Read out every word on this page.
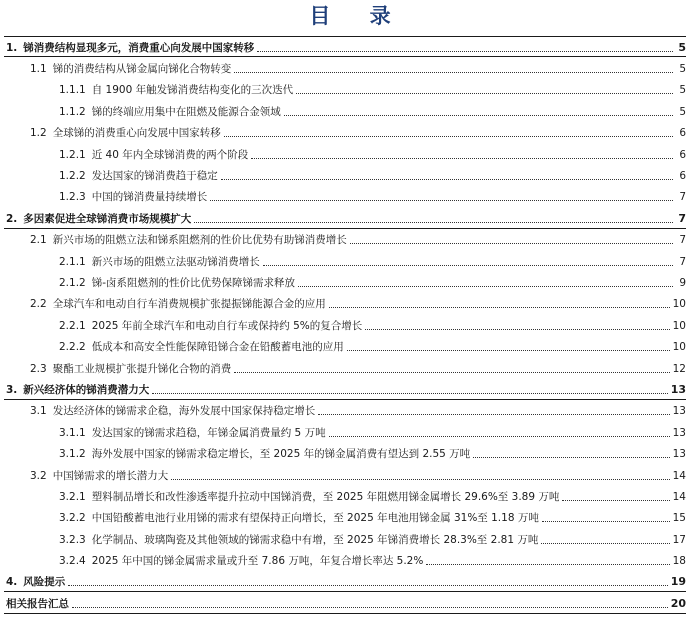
目 录
1. 锑消费结构显现多元，消费重心向发展中国家转移	5
1.1 锑的消费结构从锑金属向锑化合物转变	5
1.1.1 自 1900 年触发锑消费结构变化的三次迭代	5
1.1.2 锑的终端应用集中在阻燃及能源合金领域	5
1.2 全球锑的消费重心向发展中国家转移	6
1.2.1 近 40 年内全球锑消费的两个阶段	6
1.2.2 发达国家的锑消费趋于稳定	6
1.2.3 中国的锑消费量持续增长	7
2. 多因素促进全球锑消费市场规模扩大	7
2.1 新兴市场的阻燃立法和锑系阻燃剂的性价比优势有助锑消费增长	7
2.1.1 新兴市场的阻燃立法驱动锑消费增长	7
2.1.2 锑-卤系阻燃剂的性价比优势保障锑需求释放	9
2.2 全球汽车和电动自行车消费规模扩张提振锑能源合金的应用	10
2.2.1 2025 年前全球汽车和电动自行车或保持约 5%的复合增长	10
2.2.2 低成本和高安全性能保障铅锑合金在铅酸蓄电池的应用	10
2.3 聚酯工业规模扩张提升锑化合物的消费	12
3. 新兴经济体的锑消费潜力大	13
3.1 发达经济体的锑需求企稳，海外发展中国家保持稳定增长	13
3.1.1 发达国家的锑需求趋稳，年锑金属消费量约 5 万吨	13
3.1.2 海外发展中国家的锑需求稳定增长，至 2025 年的锑金属消费有望达到 2.55 万吨	13
3.2 中国锑需求的增长潜力大	14
3.2.1 塑料制品增长和改性渗透率提升拉动中国锑消费，至 2025 年阻燃用锑金属增长 29.6%至 3.89 万吨	14
3.2.2 中国铅酸蓄电池行业用锑的需求有望保持正向增长，至 2025 年电池用锑金属 31%至 1.18 万吨	15
3.2.3 化学制品、玻璃陶瓷及其他领域的锑需求稳中有增，至 2025 年锑消费增长 28.3%至 2.81 万吨	17
3.2.4 2025 年中国的锑金属需求量或升至 7.86 万吨，年复合增长率达 5.2%	18
4. 风险提示	19
相关报告汇总	20
